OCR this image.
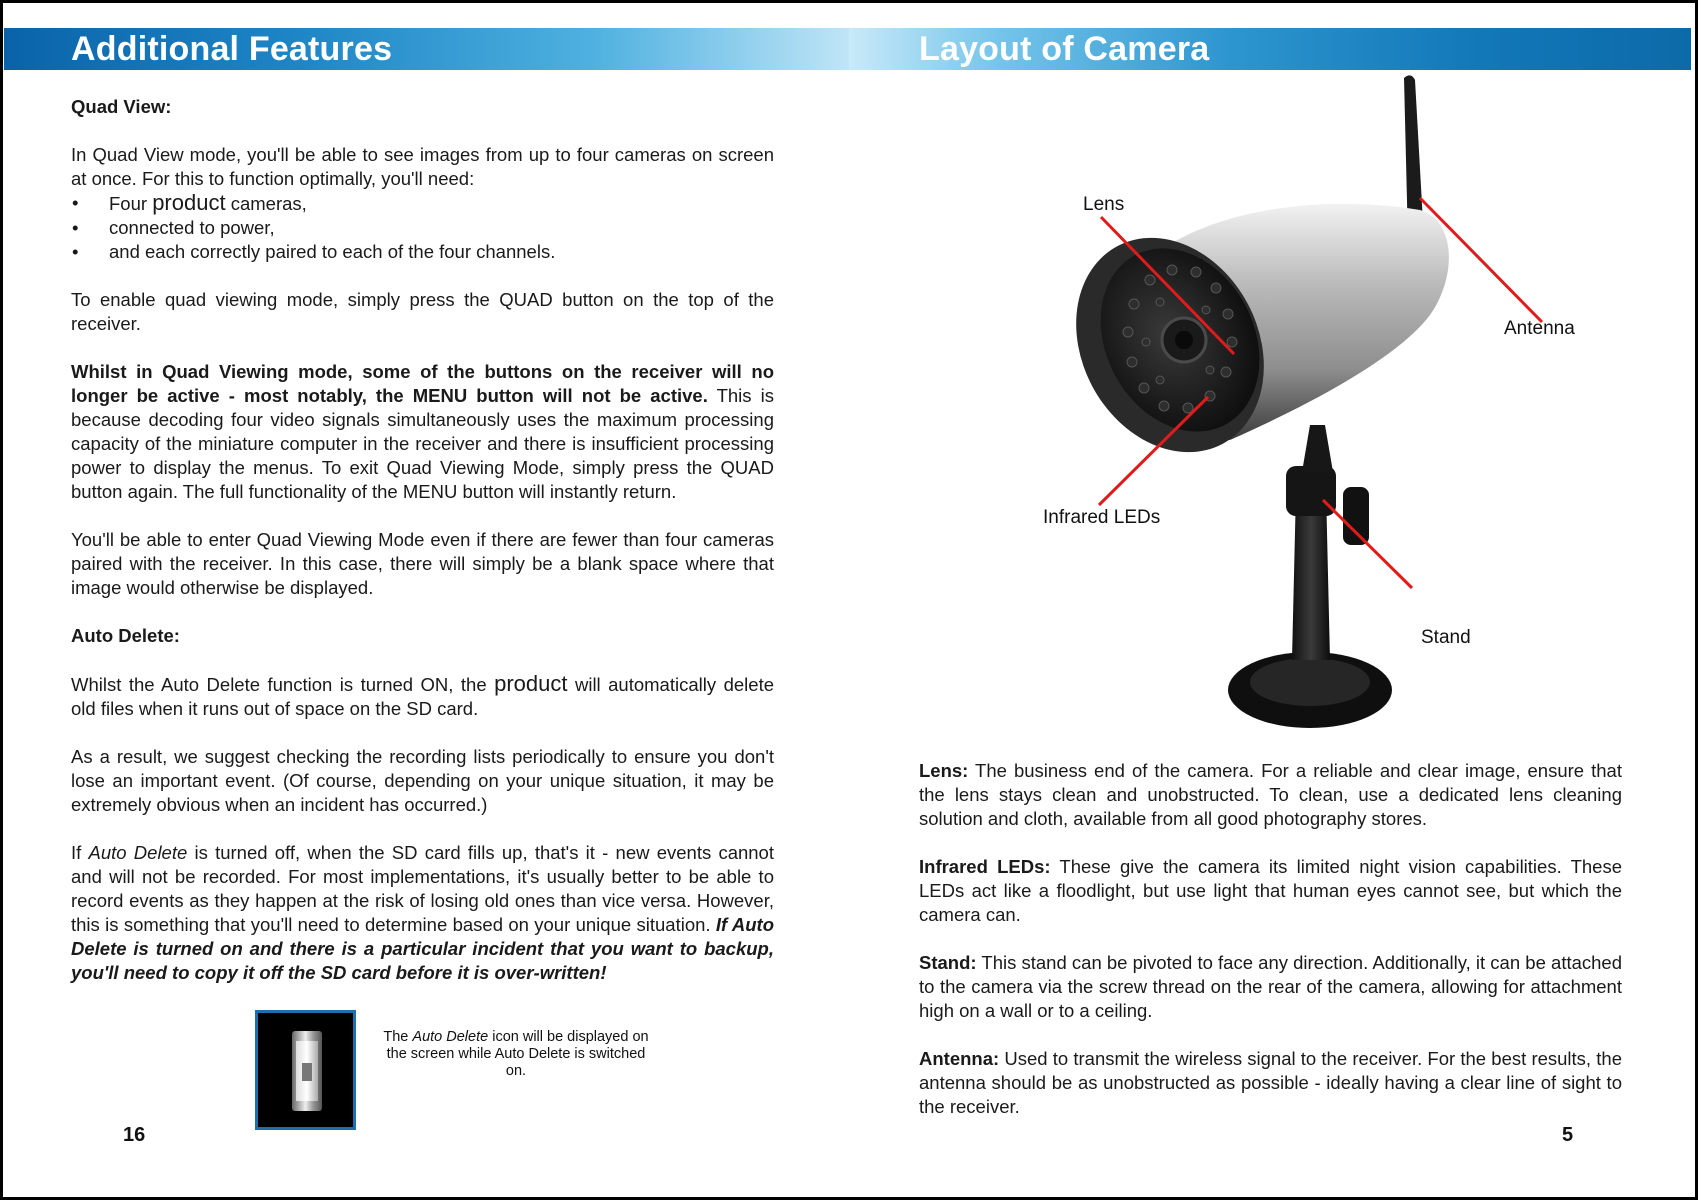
Additional Features	Layout of Camera

Quad View:

In Quad View mode, you'll be able to see images from up to four cameras on screen at once. For this to function optimally, you'll need:

• Four product cameras,
• connected to power,
• and each correctly paired to each of the four channels.

To enable quad viewing mode, simply press the QUAD button on the top of the receiver.

Whilst in Quad Viewing mode, some of the buttons on the receiver will no longer be active - most notably, the MENU button will not be active. This is because decoding four video signals simultaneously uses the maximum processing capacity of the miniature computer in the receiver and there is insufficient processing power to display the menus. To exit Quad Viewing Mode, simply press the QUAD button again. The full functionality of the MENU button will instantly return.

You'll be able to enter Quad Viewing Mode even if there are fewer than four cameras paired with the receiver. In this case, there will simply be a blank space where that image would otherwise be displayed.

Auto Delete:

Whilst the Auto Delete function is turned ON, the product will automatically delete old files when it runs out of space on the SD card.

As a result, we suggest checking the recording lists periodically to ensure you don't lose an important event. (Of course, depending on your unique situation, it may be extremely obvious when an incident has occurred.)

If Auto Delete is turned off, when the SD card fills up, that's it - new events cannot and will not be recorded. For most implementations, it's usually better to be able to record events as they happen at the risk of losing old ones than vice versa. However, this is something that you'll need to determine based on your unique situation. If Auto Delete is turned on and there is a particular incident that you want to backup, you'll need to copy it off the SD card before it is over-written!

The Auto Delete icon will be displayed on the screen while Auto Delete is switched on.
16
Lens
Antenna
Infrared LEDs
Stand

Lens: The business end of the camera. For a reliable and clear image, ensure that the lens stays clean and unobstructed. To clean, use a dedicated lens cleaning solution and cloth, available from all good photography stores.

Infrared LEDs: These give the camera its limited night vision capabilities. These LEDs act like a floodlight, but use light that human eyes cannot see, but which the camera can.

Stand: This stand can be pivoted to face any direction. Additionally, it can be attached to the camera via the screw thread on the rear of the camera, allowing for attachment high on a wall or to a ceiling.

Antenna: Used to transmit the wireless signal to the receiver. For the best results, the antenna should be as unobstructed as possible - ideally having a clear line of sight to the receiver.

5
